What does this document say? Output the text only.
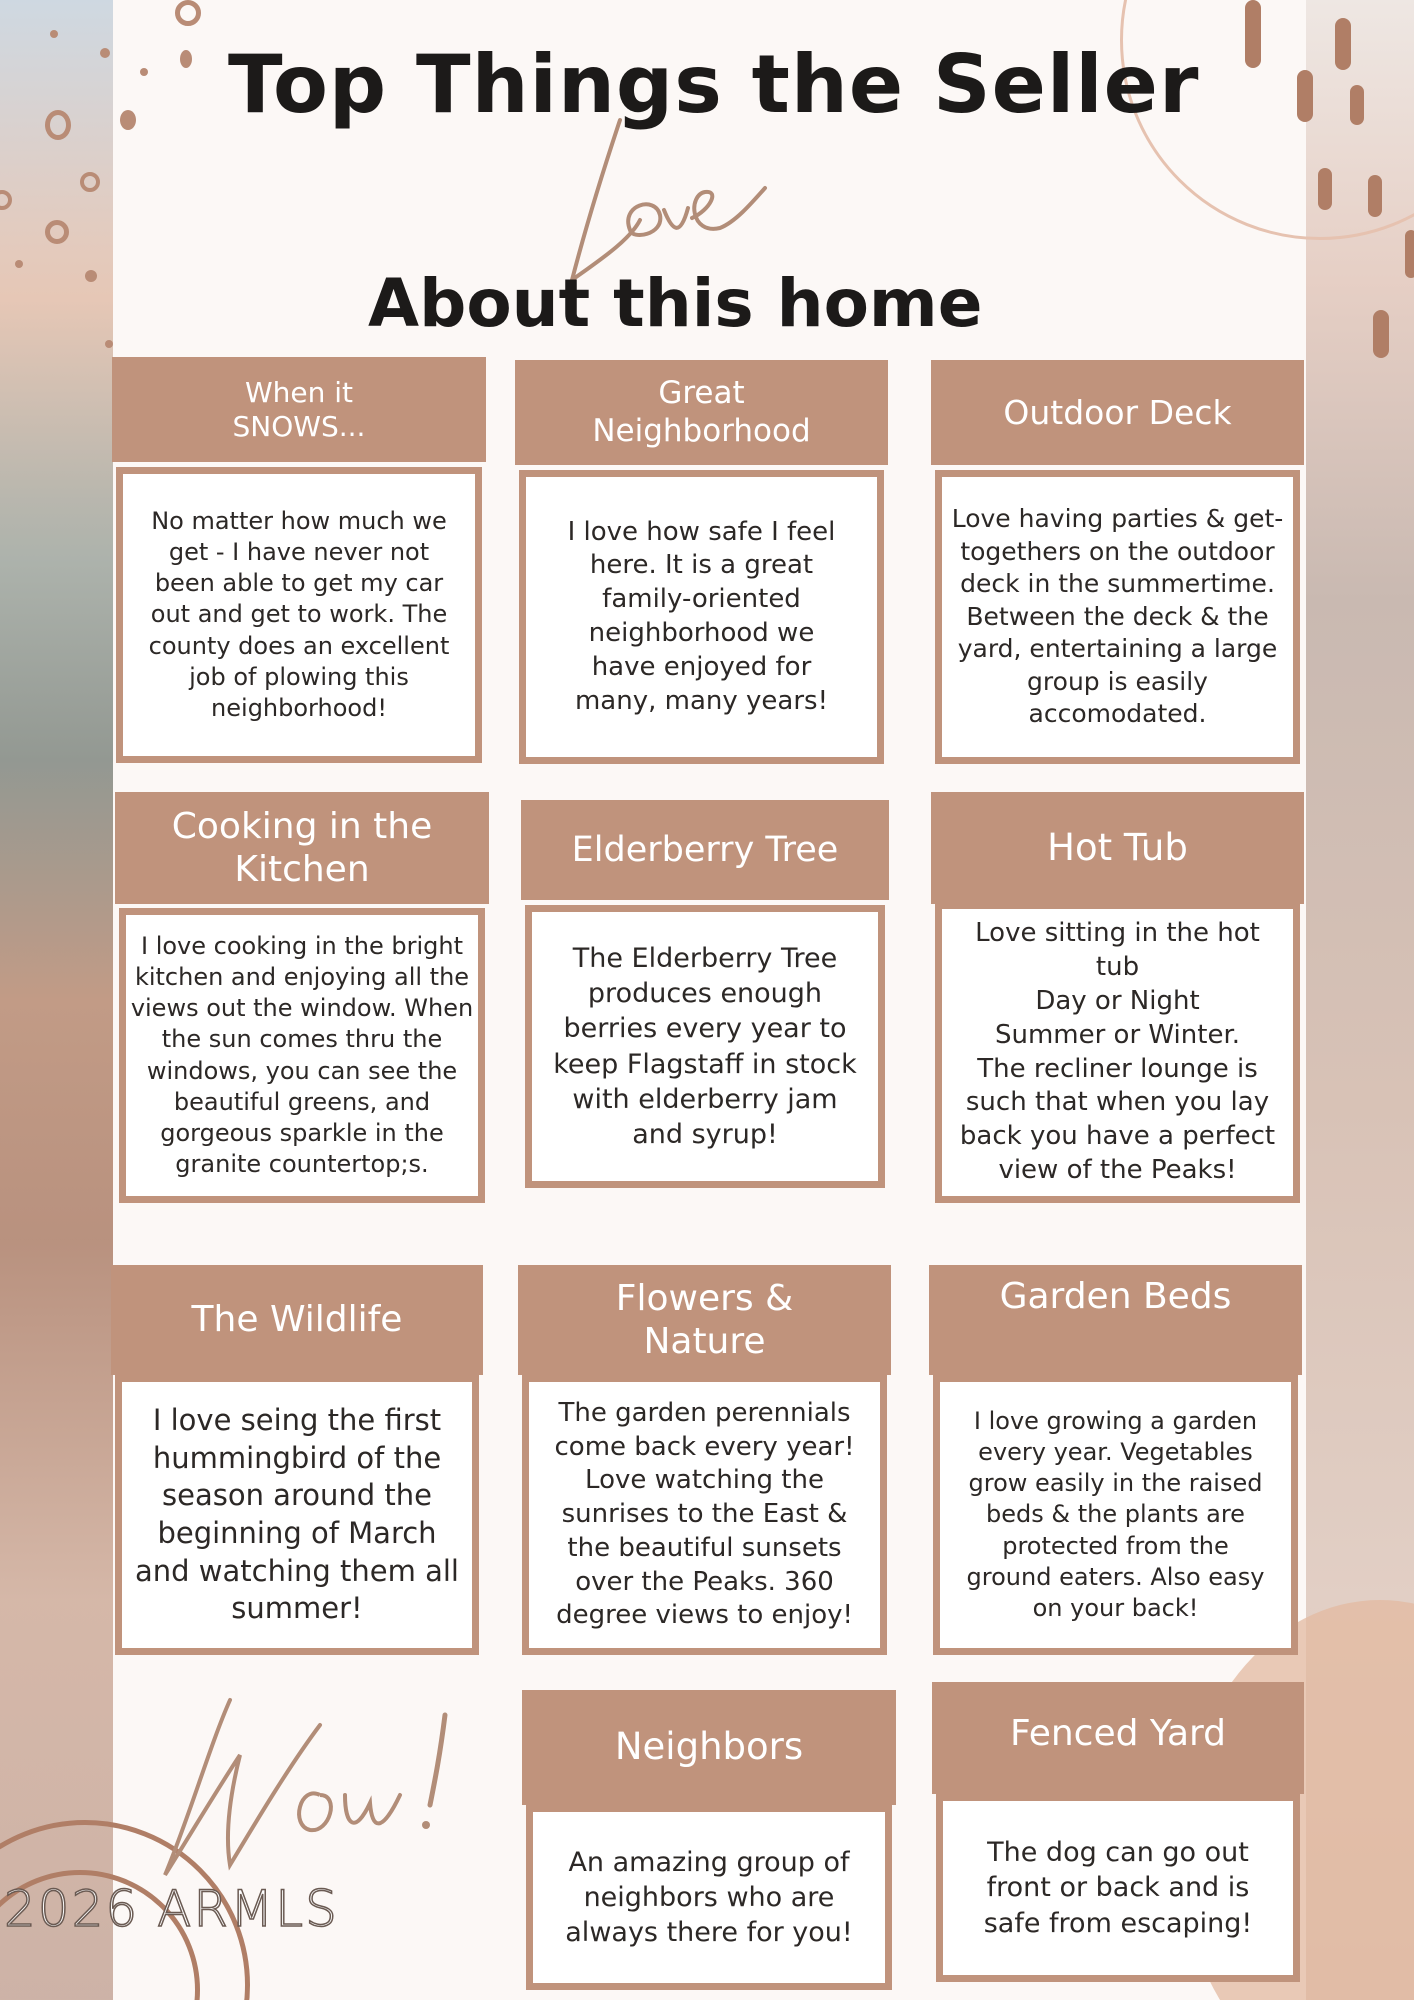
Top Things the Seller
About this home
When it SNOWS...
No matter how much we get - I have never not been able to get my car out and get to work. The county does an excellent job of plowing this neighborhood!
Great Neighborhood
I love how safe I feel here. It is a great family-oriented neighborhood we have enjoyed for many, many years!
Outdoor Deck
Love having parties & get-togethers on the outdoor deck in the summertime. Between the deck & the yard, entertaining a large group is easily accomodated.
Cooking in the Kitchen
I love cooking in the bright kitchen and enjoying all the views out the window. When the sun comes thru the windows, you can see the beautiful greens, and gorgeous sparkle in the granite countertop;s.
Elderberry Tree
The Elderberry Tree produces enough berries every year to keep Flagstaff in stock with elderberry jam and syrup!
Hot Tub
Love sitting in the hot tub
Day or Night
Summer or Winter.
The recliner lounge is such that when you lay back you have a perfect view of the Peaks!
The Wildlife
I love seing the first hummingbird of the season around the beginning of March and watching them all summer!
Flowers & Nature
The garden perennials come back every year! Love watching the sunrises to the East & the beautiful sunsets over the Peaks. 360 degree views to enjoy!
Garden Beds
I love growing a garden every year. Vegetables grow easily in the raised beds & the plants are protected from the ground eaters. Also easy on your back!
Neighbors
An amazing group of neighbors who are always there for you!
Fenced Yard
The dog can go out front or back and is safe from escaping!
2026 ARMLS
